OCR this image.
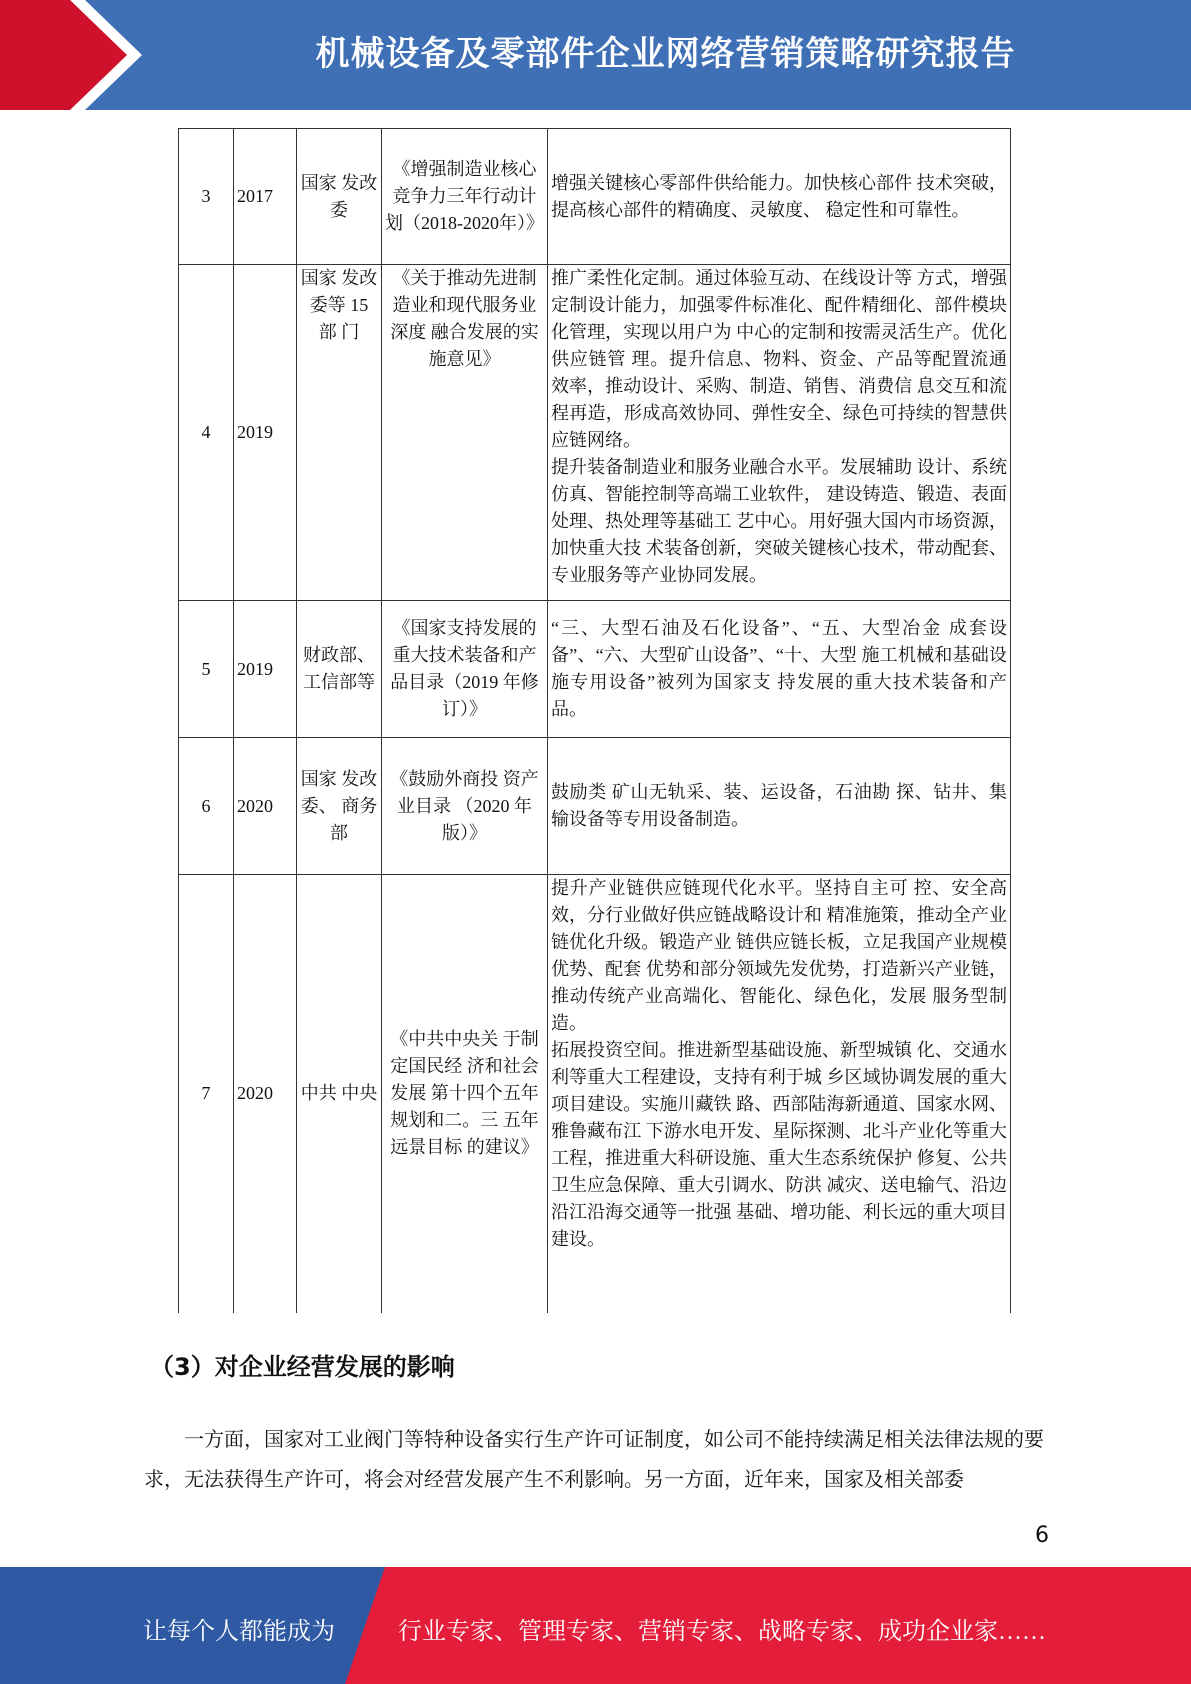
机械设备及零部件企业网络营销策略研究报告
3	2017	国家 发改 委	《增强制造业核心竞争力三年行动计划（2018-2020年）》	增强关键核心零部件供给能力。加快核心部件 技术突破，提高核心部件的精确度、灵敏度、 稳定性和可靠性。
4	2019	国家 发改委等 15 部 门	《关于推动先进制造业和现代服务业深度 融合发展的实 施意见》	推广柔性化定制。通过体验互动、在线设计等 方式，增强定制设计能力，加强零件标准化、配件精细化、部件模块化管理，实现以用户为 中心的定制和按需灵活生产。优化供应链管 理。提升信息、物料、资金、产品等配置流通 效率，推动设计、采购、制造、销售、消费信 息交互和流程再造，形成高效协同、弹性安全、绿色可持续的智慧供应链网络。
提升装备制造业和服务业融合水平。发展辅助 设计、系统仿真、智能控制等高端工业软件， 建设铸造、锻造、表面处理、热处理等基础工 艺中心。用好强大国内市场资源，加快重大技 术装备创新，突破关键核心技术，带动配套、 专业服务等产业协同发展。

5	2019	财政部、 工信部等	《国家支持发展的重大技术装备和产品目录（2019 年修订）》	“三、大型石油及石化设备”、“五、大型冶金 成套设备”、“六、大型矿山设备”、“十、大型 施工机械和基础设施专用设备”被列为国家支 持发展的重大技术装备和产品。
6	2020	国家 发改委、 商务 部	《鼓励外商投 资产业目录 （2020 年版）》	鼓励类 矿山无轨采、装、运设备，石油勘 探、钻井、集输设备等专用设备制造。
7	2020	中共 中央	《中共中央关 于制定国民经 济和社会发展 第十四个五年 规划和二。三 五年远景目标 的建议》	提升产业链供应链现代化水平。坚持自主可 控、安全高效，分行业做好供应链战略设计和 精准施策，推动全产业链优化升级。锻造产业 链供应链长板，立足我国产业规模优势、配套 优势和部分领域先发优势，打造新兴产业链， 推动传统产业高端化、智能化、绿色化，发展 服务型制造。
拓展投资空间。推进新型基础设施、新型城镇 化、交通水利等重大工程建设，支持有利于城 乡区域协调发展的重大项目建设。实施川藏铁 路、西部陆海新通道、国家水网、雅鲁藏布江 下游水电开发、星际探测、北斗产业化等重大 工程，推进重大科研设施、重大生态系统保护 修复、公共卫生应急保障、重大引调水、防洪 减灾、送电输气、沿边沿江沿海交通等一批强 基础、增功能、利长远的重大项目建设。
（3）对企业经营发展的影响
一方面，国家对工业阀门等特种设备实行生产许可证制度，如公司不能持续满足相关法律法规的要求，无法获得生产许可，将会对经营发展产生不利影响。另一方面，近年来，国家及相关部委
6
让每个人都能成为	行业专家、管理专家、营销专家、战略专家、成功企业家……
